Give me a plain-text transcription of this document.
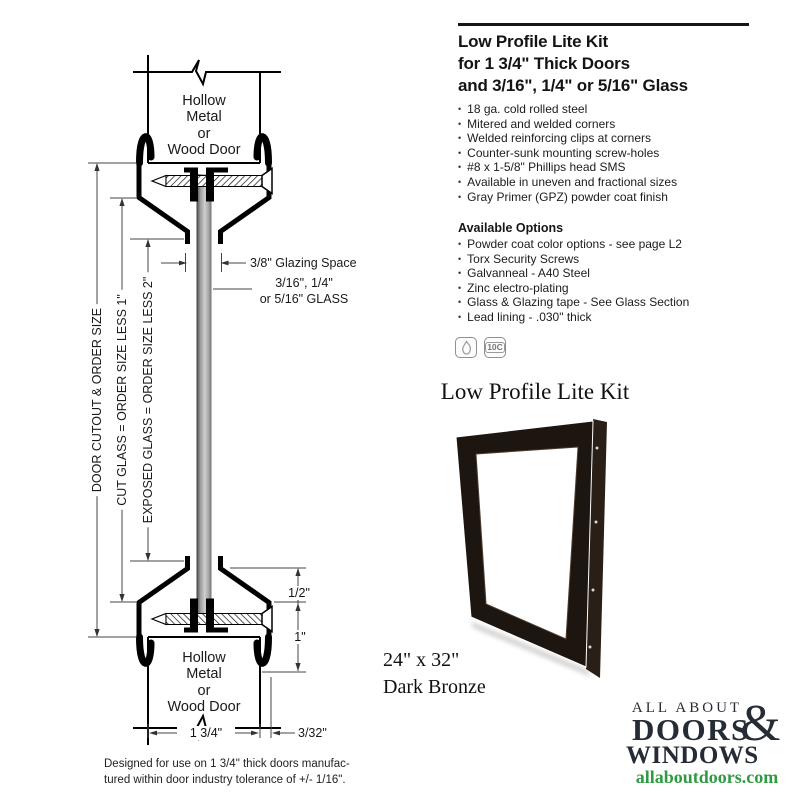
Hollow
Metal
or
Wood Door
Hollow
Metal
or
Wood Door
DOOR CUTOUT & ORDER SIZE CUT GLASS = ORDER SIZE LESS 1" EXPOSED GLASS = ORDER SIZE LESS 2"
3/8" Glazing Space
3/16", 1/4"
or 5/16" GLASS
1/2"
1"
3/32"
1 3/4"
Designed for use on 1 3/4" thick doors manufac-
tured within door industry tolerance of +/- 1/16".
Low Profile Lite Kit
for 1 3/4" Thick Doors
and 3/16", 1/4" or 5/16" Glass
• 18 ga. cold rolled steel
• Mitered and welded corners
• Welded reinforcing clips at corners
• Counter-sunk mounting screw-holes
• #8 x 1-5/8" Phillips head SMS
• Available in uneven and fractional sizes
• Gray Primer (GPZ) powder coat finish
Available Options
• Powder coat color options - see page L2
• Torx Security Screws
• Galvanneal - A40 Steel
• Zinc electro-plating
• Glass & Glazing tape - See Glass Section
• Lead lining - .030" thick
10C
Low Profile Lite Kit
24" x 32"
Dark Bronze
ALL ABOUT
&
DOORS
WINDOWS
allaboutdoors.com
